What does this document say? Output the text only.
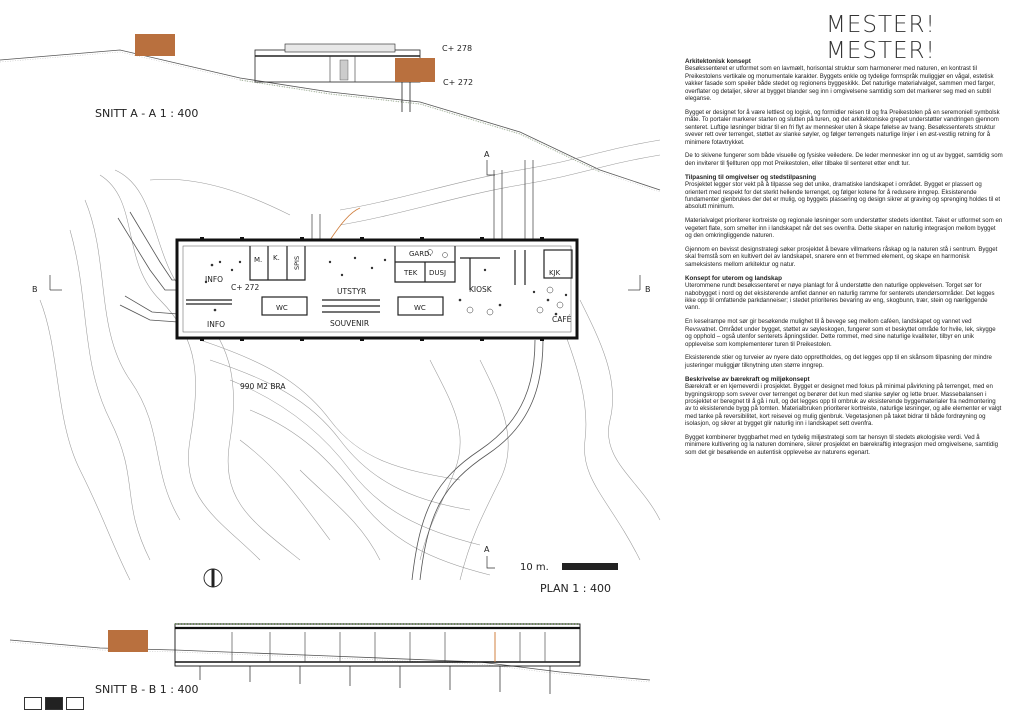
MESTER! MESTER!
C+ 278
C+ 272
SNITT A - A 1 : 400
A
A
B	B
INFO
INFO
M. K. SPIS
GARD.
TEK DUSJ	KJK
UTSTYR
WC	WC
SOUVENIR
KIOSK
CAFÉ
C+ 272
990 M2 BRA
10 m.
PLAN 1 : 400
SNITT B - B 1 : 400
Arkitektonisk konsept

Besøkssenteret er utformet som en lavmælt, horisontal struktur som harmonerer med naturen, en kontrast til Preikestolens vertikale og monumentale karakter. Byggets enkle og tydelige formspråk muliggjør en vågal, estetisk vakker fasade som speiler både stedet og regionens byggeskikk. Det naturlige materialvalget, sammen med farger, overflater og detaljer, sikrer at bygget blander seg inn i omgivelsene samtidig som det markerer seg med en subtil eleganse.

Bygget er designet for å være lettlest og logisk, og formidler reisen til og fra Preikestolen på en seremoniell symbolsk måte. To portaler markerer starten og slutten på turen, og det arkitektoniske grepet understøtter vandringen gjennom senteret. Luftige løsninger bidrar til en fri flyt av mennesker uten å skape følelse av tvang. Besøkssenterets struktur svever rett over terrenget, støttet av slanke søyler, og følger terrengets naturlige linjer i en øst-vestlig retning for å minimere fotavtrykket.

De to skivene fungerer som både visuelle og fysiske veiledere. De leder mennesker inn og ut av bygget, samtidig som den inviterer til fjellturen opp mot Preikestolen, eller tilbake til senteret etter endt tur.

Tilpasning til omgivelser og stedstilpasning

Prosjektet legger stor vekt på å tilpasse seg det unike, dramatiske landskapet i området. Bygget er plassert og orientert med respekt for det sterkt hellende terrenget, og følger kotene for å redusere inngrep. Eksisterende fundamenter gjenbrukes der det er mulig, og byggets plassering og design sikrer at graving og sprenging holdes til et absolutt minimum.

Materialvalget prioriterer kortreiste og regionale løsninger som understøtter stedets identitet. Taket er utformet som en vegetert flate, som smelter inn i landskapet når det ses ovenfra. Dette skaper en naturlig integrasjon mellom bygget og den omkringliggende naturen.

Gjennom en bevisst designstrategi søker prosjektet å bevare villmarkens råskap og la naturen stå i sentrum. Bygget skal fremstå som en kultivert del av landskapet, snarere enn et fremmed element, og skape en harmonisk sameksistens mellom arkitektur og natur.

Konsept for uterom og landskap

Uterommene rundt besøkssenteret er nøye planlagt for å understøtte den naturlige opplevelsen. Torget sør for nabobygget i nord og det eksisterende amfiet danner en naturlig ramme for senterets utendørsområder. Det legges ikke opp til omfattende parkdanneiser; i stedet prioriteres bevaring av eng, skogbunn, trær, stein og nærliggende vann.

En keselrampe mot sør gir besøkende mulighet til å bevege seg mellom caféen, landskapet og vannet ved Revsvatnet. Området under bygget, støttet av søyleskogen, fungerer som et beskyttet område for hvile, lek, skygge og opphold – også utenfor senterets åpningstider. Dette rommet, med sine naturlige kvaliteter, tilbyr en unik opplevelse som komplementerer turen til Preikestolen.

Eksisterende stier og turveier av nyere dato opprettholdes, og det legges opp til en skånsom tilpasning der mindre justeringer muliggjør tilknytning uten større inngrep.

Beskrivelse av bærekraft og miljøkonsept

Bærekraft er en kjerneverdi i prosjektet. Bygget er designet med fokus på minimal påvirkning på terrenget, med en bygningskropp som svever over terrenget og berører det kun med slanke søyler og lette bruer. Massebalansen i prosjektet er beregnet til å gå i null, og det legges opp til ombruk av eksisterende byggematerialer fra nedmontering av to eksisterende bygg på tomten. Materialbruken prioriterer kortreiste, naturlige løsninger, og alle elementer er valgt med tanke på reversibilitet, kort reisevei og mulig gjenbruk. Vegetasjonen på taket bidrar til både fordrøyning og isolasjon, og sikrer at bygget glir naturlig inn i landskapet sett ovenfra.

Bygget kombinerer byggbarhet med en tydelig miljøstrategi som tar hensyn til stedets økologiske verdi. Ved å minimere kultivering og la naturen dominere, sikrer prosjektet en bærekraftig integrasjon med omgivelsene, samtidig som det gir besøkende en autentisk opplevelse av naturens egenart.
